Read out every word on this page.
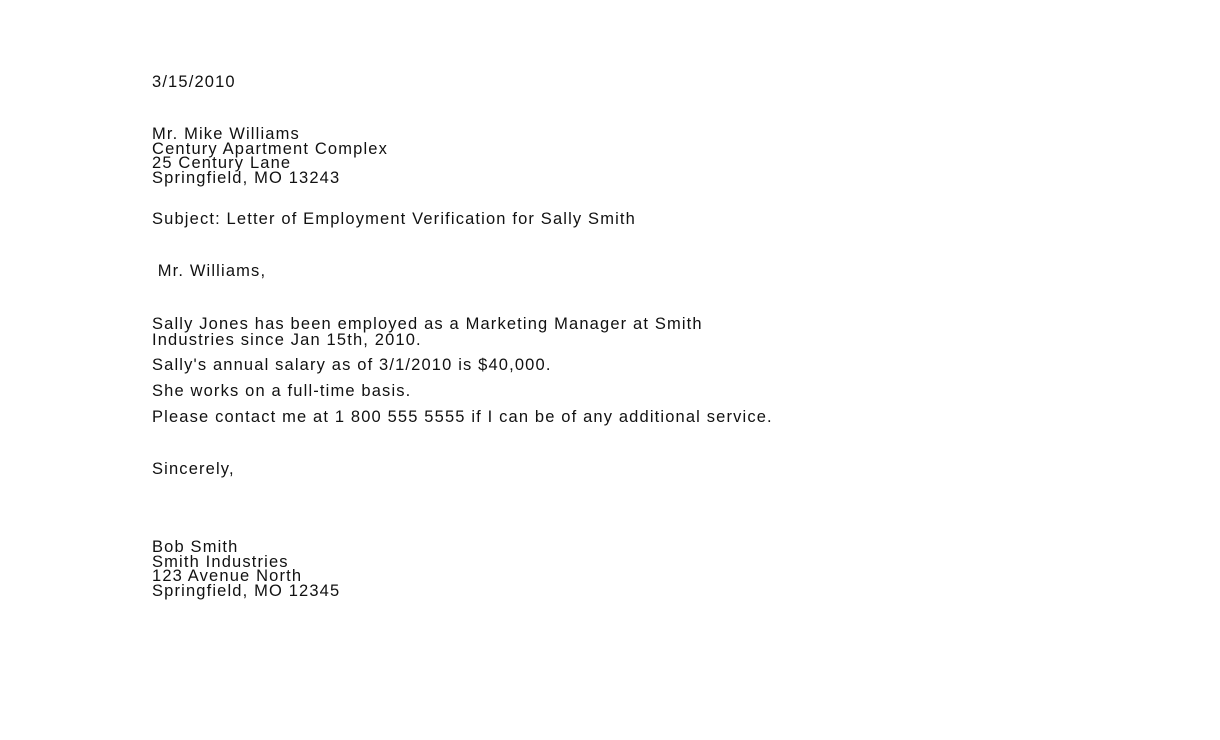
3/15/2010
Mr. Mike Williams
Century Apartment Complex
25 Century Lane
Springfield, MO 13243
Subject: Letter of Employment Verification for Sally Smith
Mr. Williams,
Sally Jones has been employed as a Marketing Manager at Smith
Industries since Jan 15th, 2010.
Sally's annual salary as of 3/1/2010 is $40,000.
She works on a full-time basis.
Please contact me at 1 800 555 5555 if I can be of any additional service.
Sincerely,
Bob Smith
Smith Industries
123 Avenue North
Springfield, MO 12345
